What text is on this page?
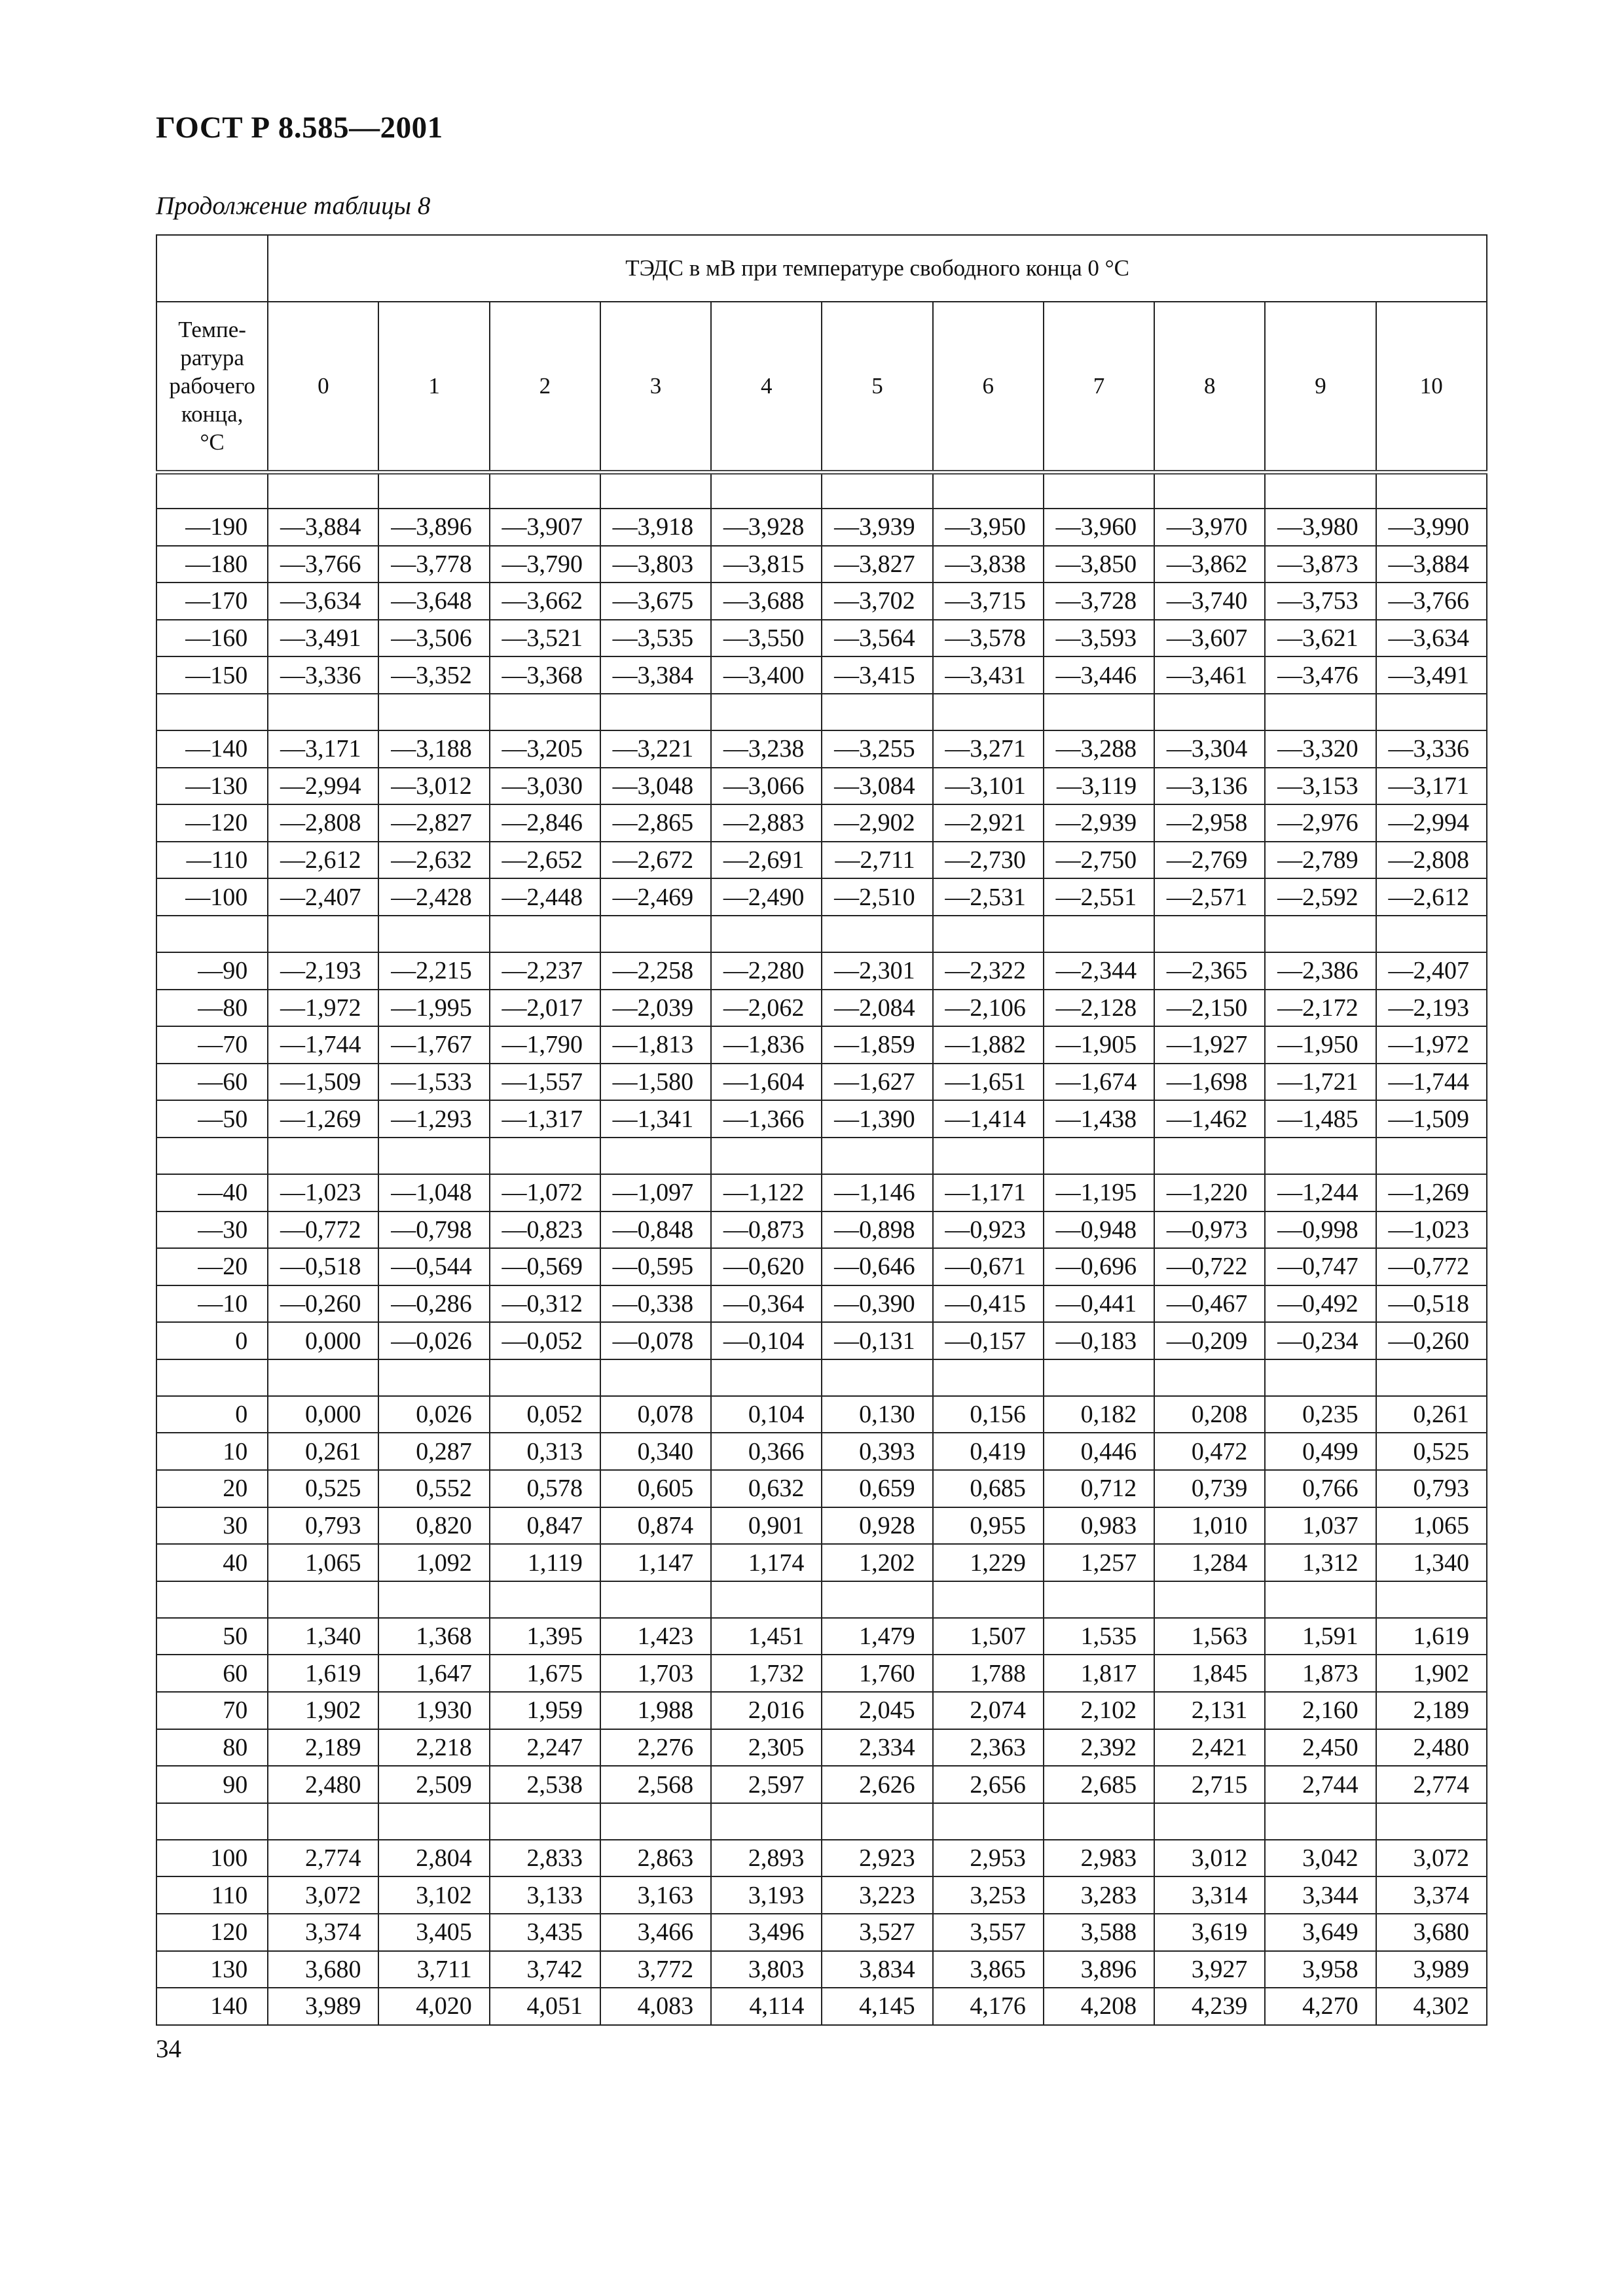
ГОСТ Р 8.585—2001
Продолжение таблицы 8
	ТЭДС в мВ при температуре свободного конца 0 °С										

Темпе-
ратура
рабочего
конца,
°С	0	1	2	3	4	5	6	7	8	9	10

—190	—3,884	—3,896	—3,907	—3,918	—3,928	—3,939	—3,950	—3,960	—3,970	—3,980	—3,990
—180	—3,766	—3,778	—3,790	—3,803	—3,815	—3,827	—3,838	—3,850	—3,862	—3,873	—3,884
—170	—3,634	—3,648	—3,662	—3,675	—3,688	—3,702	—3,715	—3,728	—3,740	—3,753	—3,766
—160	—3,491	—3,506	—3,521	—3,535	—3,550	—3,564	—3,578	—3,593	—3,607	—3,621	—3,634
—150	—3,336	—3,352	—3,368	—3,384	—3,400	—3,415	—3,431	—3,446	—3,461	—3,476	—3,491

—140	—3,171	—3,188	—3,205	—3,221	—3,238	—3,255	—3,271	—3,288	—3,304	—3,320	—3,336
—130	—2,994	—3,012	—3,030	—3,048	—3,066	—3,084	—3,101	—3,119	—3,136	—3,153	—3,171
—120	—2,808	—2,827	—2,846	—2,865	—2,883	—2,902	—2,921	—2,939	—2,958	—2,976	—2,994
—110	—2,612	—2,632	—2,652	—2,672	—2,691	—2,711	—2,730	—2,750	—2,769	—2,789	—2,808
—100	—2,407	—2,428	—2,448	—2,469	—2,490	—2,510	—2,531	—2,551	—2,571	—2,592	—2,612

—90	—2,193	—2,215	—2,237	—2,258	—2,280	—2,301	—2,322	—2,344	—2,365	—2,386	—2,407
—80	—1,972	—1,995	—2,017	—2,039	—2,062	—2,084	—2,106	—2,128	—2,150	—2,172	—2,193
—70	—1,744	—1,767	—1,790	—1,813	—1,836	—1,859	—1,882	—1,905	—1,927	—1,950	—1,972
—60	—1,509	—1,533	—1,557	—1,580	—1,604	—1,627	—1,651	—1,674	—1,698	—1,721	—1,744
—50	—1,269	—1,293	—1,317	—1,341	—1,366	—1,390	—1,414	—1,438	—1,462	—1,485	—1,509

—40	—1,023	—1,048	—1,072	—1,097	—1,122	—1,146	—1,171	—1,195	—1,220	—1,244	—1,269
—30	—0,772	—0,798	—0,823	—0,848	—0,873	—0,898	—0,923	—0,948	—0,973	—0,998	—1,023
—20	—0,518	—0,544	—0,569	—0,595	—0,620	—0,646	—0,671	—0,696	—0,722	—0,747	—0,772
—10	—0,260	—0,286	—0,312	—0,338	—0,364	—0,390	—0,415	—0,441	—0,467	—0,492	—0,518
0	0,000	—0,026	—0,052	—0,078	—0,104	—0,131	—0,157	—0,183	—0,209	—0,234	—0,260

0	0,000	0,026	0,052	0,078	0,104	0,130	0,156	0,182	0,208	0,235	0,261
10	0,261	0,287	0,313	0,340	0,366	0,393	0,419	0,446	0,472	0,499	0,525
20	0,525	0,552	0,578	0,605	0,632	0,659	0,685	0,712	0,739	0,766	0,793
30	0,793	0,820	0,847	0,874	0,901	0,928	0,955	0,983	1,010	1,037	1,065
40	1,065	1,092	1,119	1,147	1,174	1,202	1,229	1,257	1,284	1,312	1,340

50	1,340	1,368	1,395	1,423	1,451	1,479	1,507	1,535	1,563	1,591	1,619
60	1,619	1,647	1,675	1,703	1,732	1,760	1,788	1,817	1,845	1,873	1,902
70	1,902	1,930	1,959	1,988	2,016	2,045	2,074	2,102	2,131	2,160	2,189
80	2,189	2,218	2,247	2,276	2,305	2,334	2,363	2,392	2,421	2,450	2,480
90	2,480	2,509	2,538	2,568	2,597	2,626	2,656	2,685	2,715	2,744	2,774

100	2,774	2,804	2,833	2,863	2,893	2,923	2,953	2,983	3,012	3,042	3,072
110	3,072	3,102	3,133	3,163	3,193	3,223	3,253	3,283	3,314	3,344	3,374
120	3,374	3,405	3,435	3,466	3,496	3,527	3,557	3,588	3,619	3,649	3,680
130	3,680	3,711	3,742	3,772	3,803	3,834	3,865	3,896	3,927	3,958	3,989
140	3,989	4,020	4,051	4,083	4,114	4,145	4,176	4,208	4,239	4,270	4,302
34
